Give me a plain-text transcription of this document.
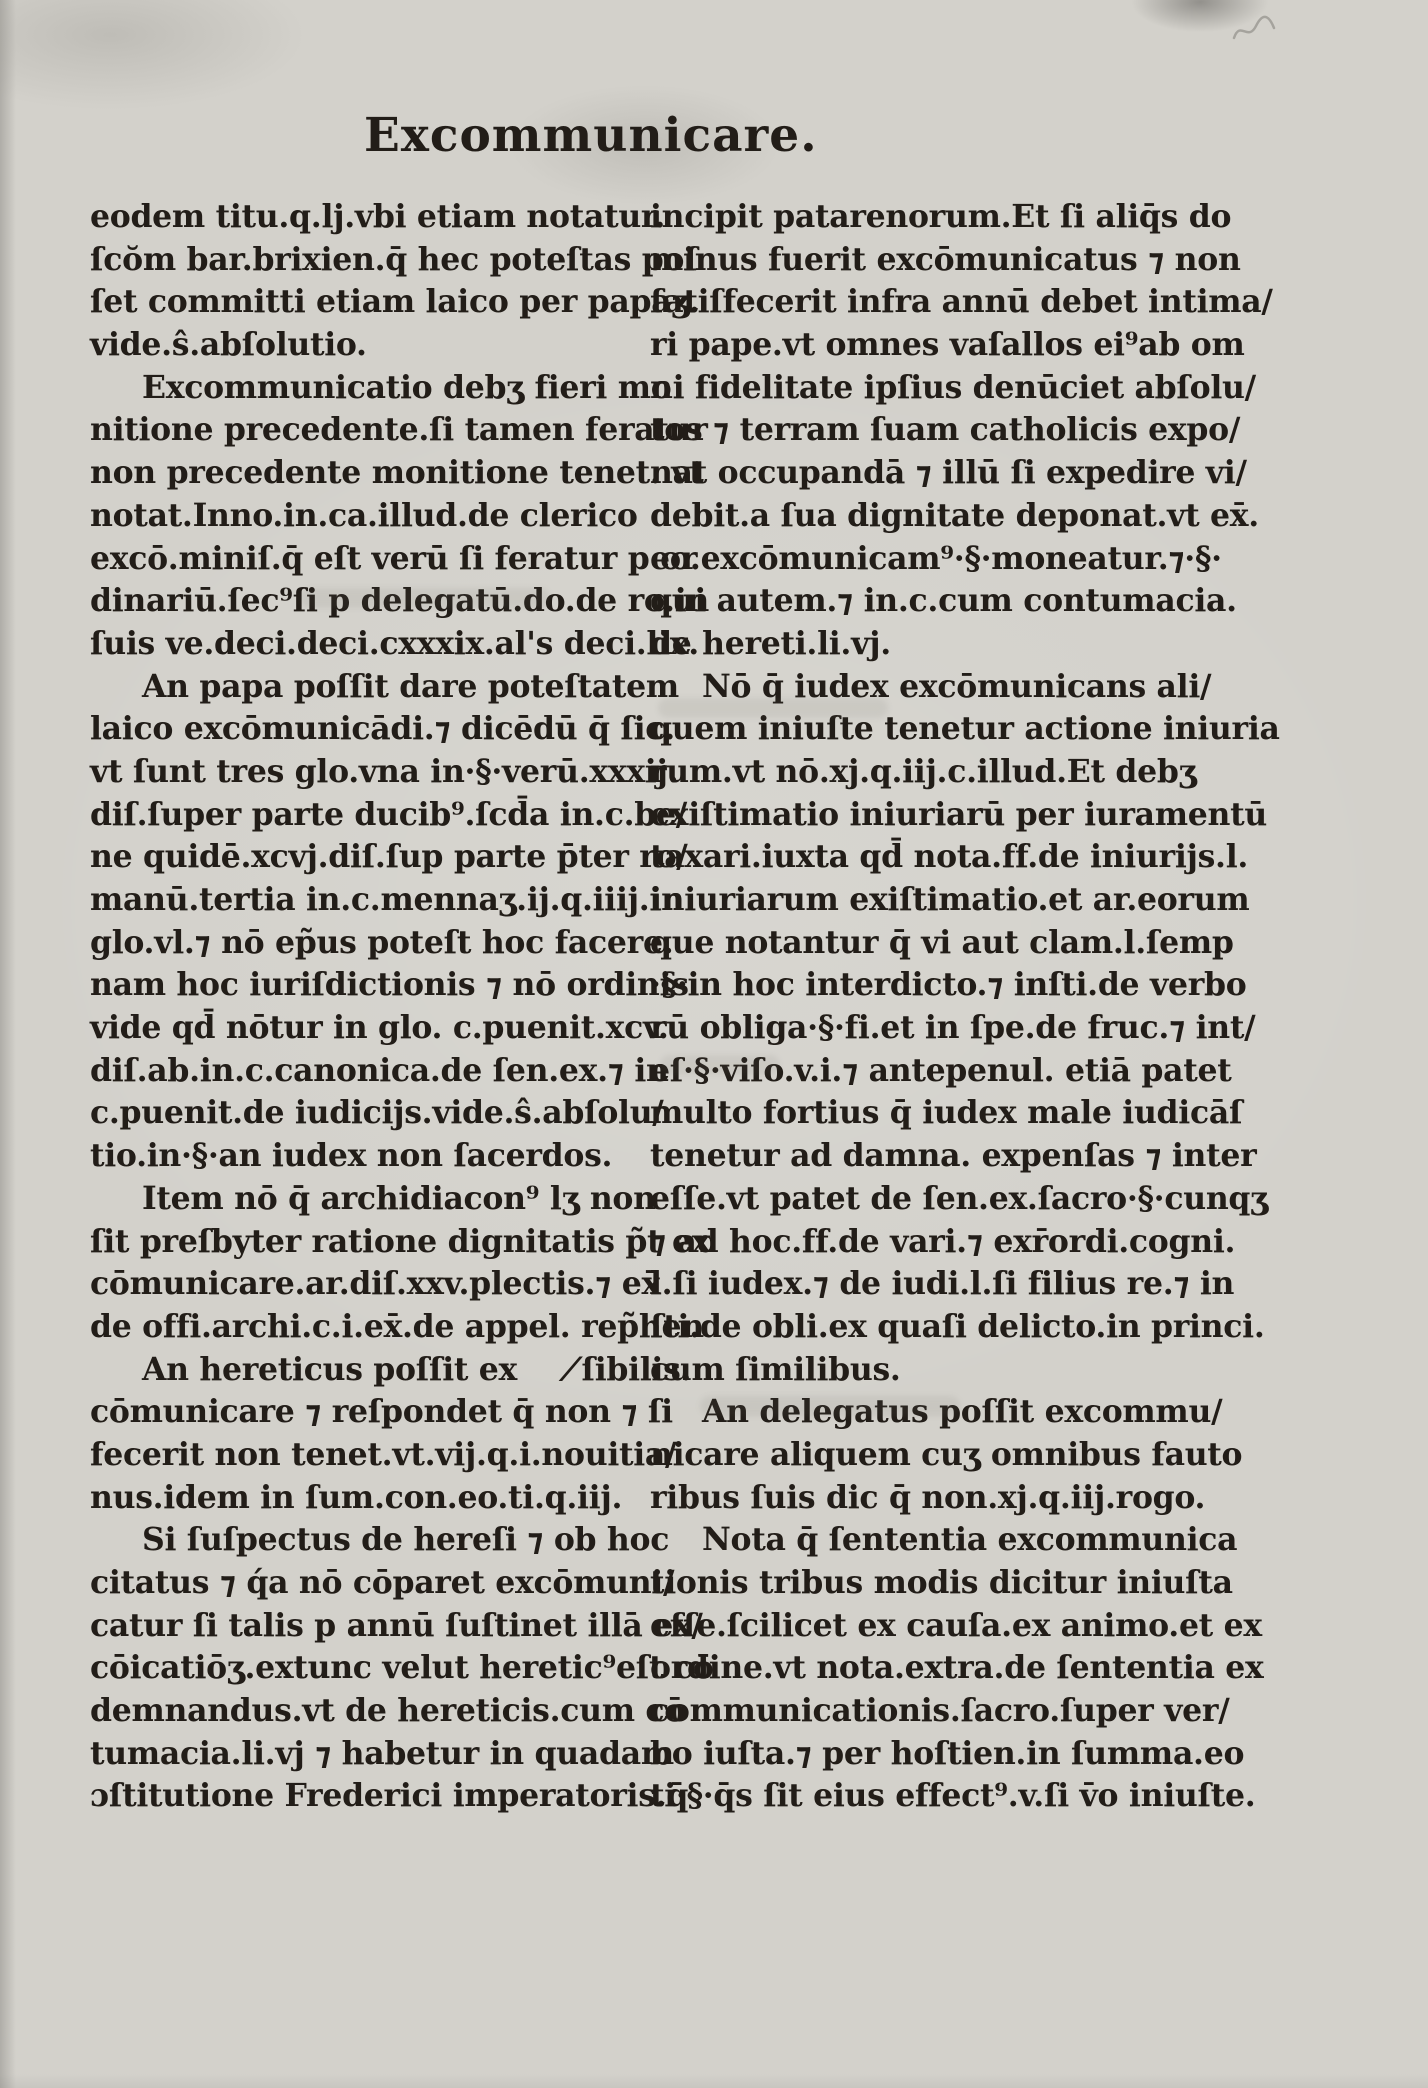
Excommunicare.
eodem titu.q.lj.vbi etiam notatur.
ſcŏm bar.brixien.q̄ hec poteſtas poſ
ſet committi etiam laico per papaʒ.
vide.ŝ.abſolutio.
Excommunicatio debʒ fieri mo
nitione precedente.ſi tamen feratur
non precedente monitione tenet. vt
notat.Inno.in.ca.illud.de clerico
excō.miniſ.q̄ eſt verū ſi feratur p or
dinariū.ſec⁹ſi p delegatū.do.de ro.in
ſuis ve.deci.deci.cxxxix.al's deci.lix.
An papa poſſit dare poteſtatem
laico excōmunicādi.⁊ dicēdū q̄ ſic.
vt ſunt tres glo.vna in·§·verū.xxxij.
diſ.ſuper parte ducib⁹.ſcd̄a in.c.be/
ne quidē.xcvj.diſ.ſup parte p̄ter ro/
manū.tertia in.c.mennaʒ.ij.q.iiij.in
glo.vl.⁊ nō ep̃us poteſt hoc facere.
nam hoc iuriſdictionis ⁊ nō ordinis
vide qd̄ nōtur in glo. c.puenit.xcv.
diſ.ab.in.c.canonica.de ſen.ex.⁊ in
c.puenit.de iudicijs.vide.ŝ.abſolu/
tio.in·§·an iudex non ſacerdos.
Item nō q̄ archidiacon⁹ lʒ non
ſit preſbyter ratione dignitatis p̃t ex
cōmunicare.ar.diſ.xxv.plectis.⁊ ex̄
de offi.archi.c.i.ex̄.de appel. rep̃hen
An hereticus poſſit ex    ⟋ſibilis.
cōmunicare ⁊ reſpondet q̄ non ⁊ ſi
fecerit non tenet.vt.vij.q.i.nouitia/
nus.idem in ſum.con.eo.ti.q.iij.
Si ſuſpectus de hereſi ⁊ ob hoc
citatus ⁊ q́a nō cōparet excōmuni/
catur ſi talis p annū ſuſtinet illā ex/
cōicatiōʒ.extunc velut heretic⁹eſt cō
demnandus.vt de hereticis.cum cō
tumacia.li.vj ⁊ habetur in quadam
ɔſtitutione Frederici imperatoris.q̄
incipit patarenorum.Et ſi aliq̄s do
minus fuerit excōmunicatus ⁊ non
ſatiſfecerit infra annū debet intima/
ri pape.vt omnes vaſallos ei⁹ab om
ni fidelitate ipſius denūciet abſolu/
tos ⁊ terram ſuam catholicis expo/
nat occupandā ⁊ illū ſi expedire vi/
debit.a ſua dignitate deponat.vt ex̄.
eo.excōmunicam⁹·§·moneatur.⁊·§·
qui autem.⁊ in.c.cum contumacia.
de hereti.li.vj.
Nō q̄ iudex excōmunicans ali/
quem iniuſte tenetur actione iniuria
rum.vt nō.xj.q.iij.c.illud.Et debʒ
exiſtimatio iniuriarū per iuramentū
taxari.iuxta qd̄ nota.ff.de iniurijs.l.
iniuriarum exiſtimatio.et ar.eorum
que notantur q̄ vi aut clam.l.ſemp
·§·in hoc interdicto.⁊ inſti.de verbo
rū obliga·§·fi.et in ſpe.de fruc.⁊ int/
eſ·§·viſo.v.i.⁊ antepenul. etiā patet
multo fortius q̄ iudex male iudicāſ
tenetur ad damna. expenſas ⁊ inter
eſſe.vt patet de ſen.ex.ſacro·§·cunqʒ
⁊ ad hoc.ff.de vari.⁊ exr̄ordi.cogni.
l.ſi iudex.⁊ de iudi.l.ſi filius re.⁊ in
ſti.de obli.ex quaſi delicto.in princi.
cum ſimilibus.
An delegatus poſſit excommu/
nicare aliquem cuʒ omnibus fauto
ribus ſuis dic q̄ non.xj.q.iij.rogo.
Nota q̄ ſententia excommunica
tionis tribus modis dicitur iniuſta
eſſe.ſcilicet ex cauſa.ex animo.et ex
ordine.vt nota.extra.de ſententia ex
communicationis.ſacro.ſuper ver/
bo iuſta.⁊ per hoſtien.in ſumma.eo
ti·§·q̄s ſit eius effect⁹.v.ſi v̄o iniuſte.
